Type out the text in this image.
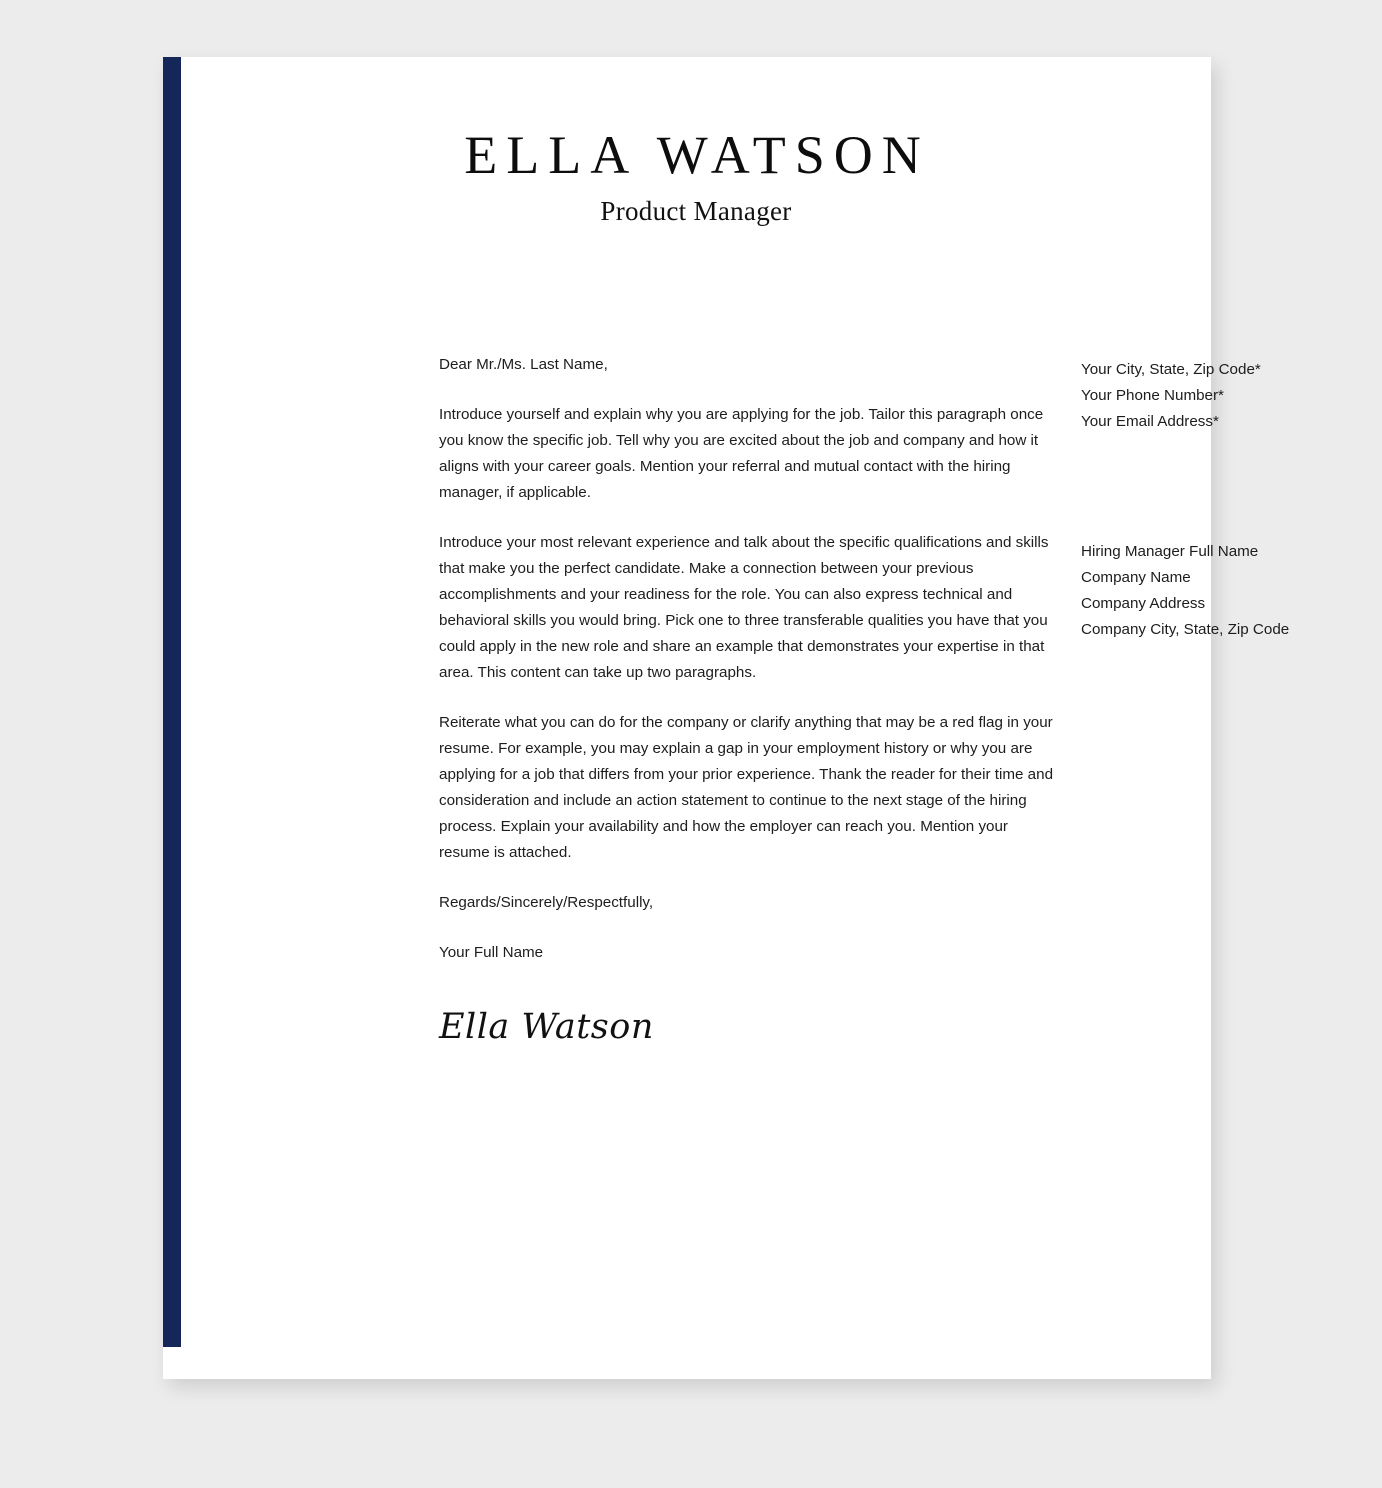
ELLA WATSON
Product Manager

Dear Mr./Ms. Last Name,

Introduce yourself and explain why you are applying for the job. Tailor this paragraph once you know the specific job. Tell why you are excited about the job and company and how it aligns with your career goals. Mention your referral and mutual contact with the hiring manager, if applicable.

Introduce your most relevant experience and talk about the specific qualifications and skills that make you the perfect candidate. Make a connection between your previous accomplishments and your readiness for the role. You can also express technical and behavioral skills you would bring. Pick one to three transferable qualities you have that you could apply in the new role and share an example that demonstrates your expertise in that area. This content can take up two paragraphs.

Reiterate what you can do for the company or clarify anything that may be a red flag in your resume. For example, you may explain a gap in your employment history or why you are applying for a job that differs from your prior experience. Thank the reader for their time and consideration and include an action statement to continue to the next stage of the hiring process. Explain your availability and how the employer can reach you. Mention your resume is attached.

Regards/Sincerely/Respectfully,

Your Full Name

Ella Watson
Your City, State, Zip Code*
Your Phone Number*
Your Email Address*
Hiring Manager Full Name
Company Name
Company Address
Company City, State, Zip Code
